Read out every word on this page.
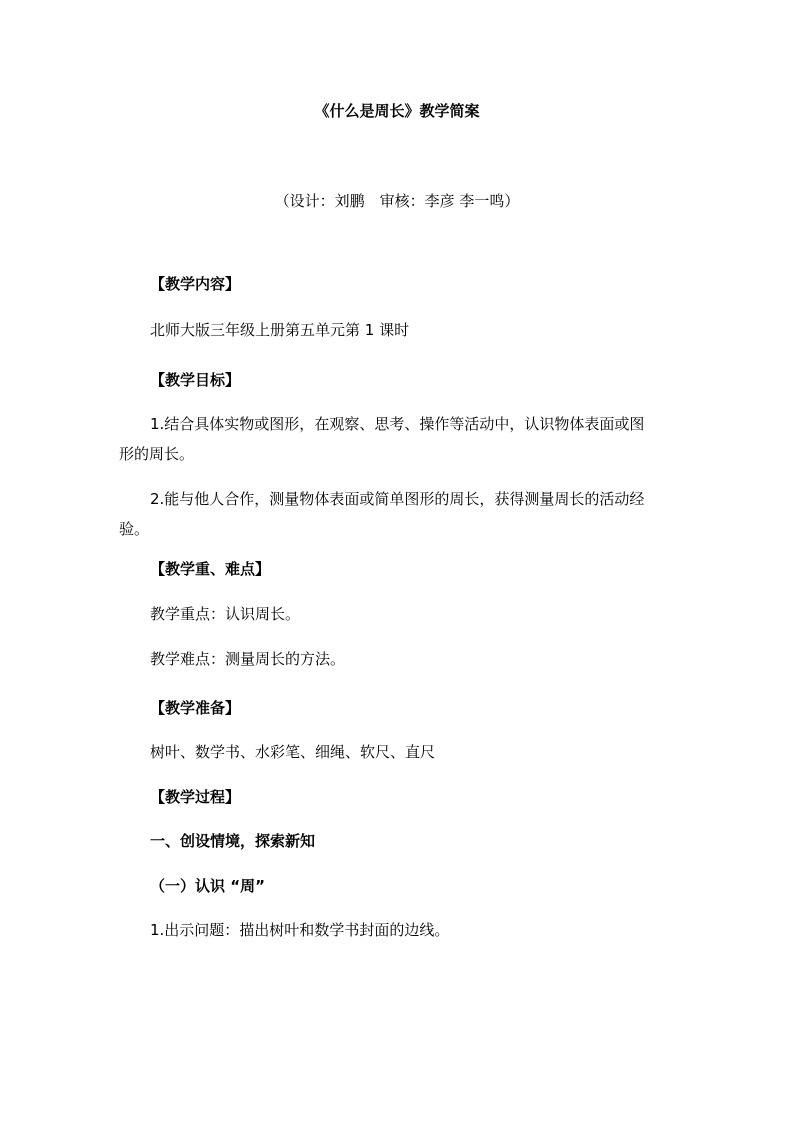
《什么是周长》教学简案
（设计：刘鹏　审核：李彦 李一鸣）
【教学内容】
北师大版三年级上册第五单元第 1 课时
【教学目标】
1.结合具体实物或图形，在观察、思考、操作等活动中，认识物体表面或图
形的周长。
2.能与他人合作，测量物体表面或简单图形的周长，获得测量周长的活动经
验。
【教学重、难点】
教学重点：认识周长。
教学难点：测量周长的方法。
【教学准备】
树叶、数学书、水彩笔、细绳、软尺、直尺
【教学过程】
一、创设情境，探索新知
（一）认识 “周”
1.出示问题：描出树叶和数学书封面的边线。
